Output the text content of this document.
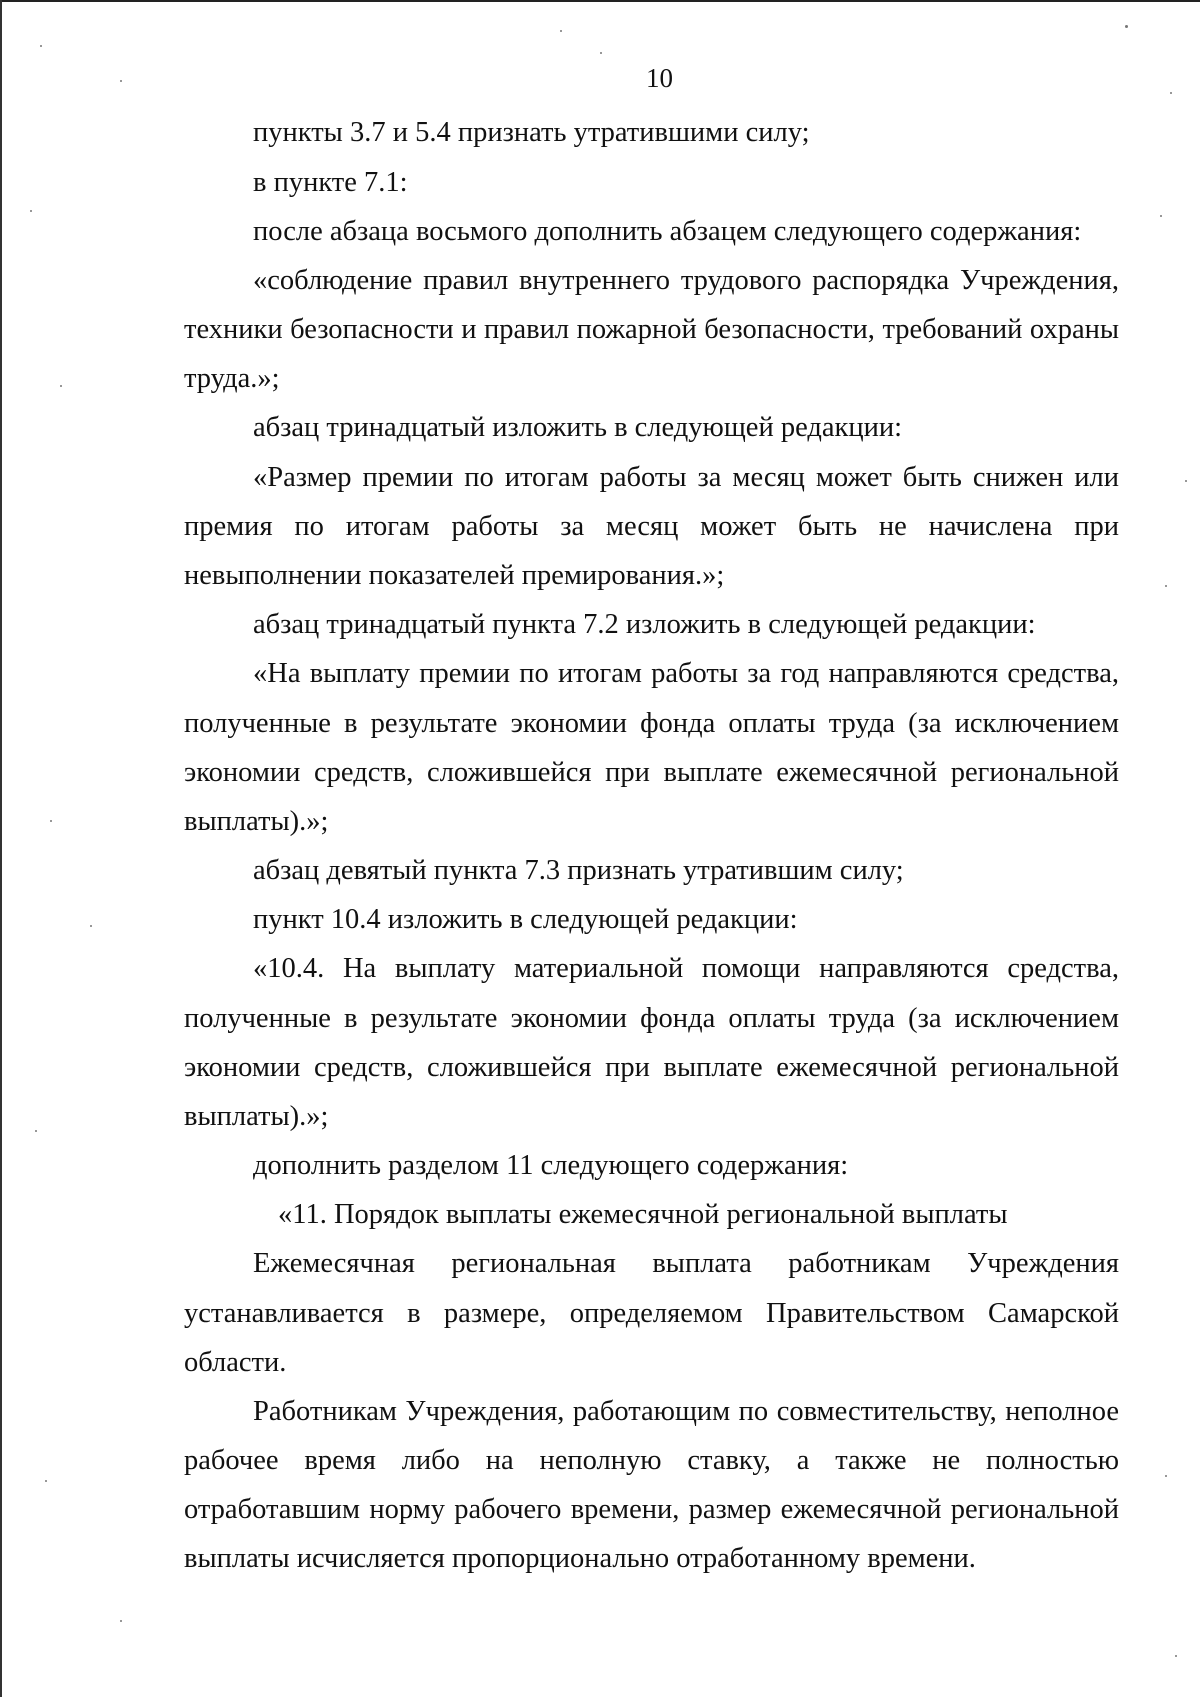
10
пункты 3.7 и 5.4 признать утратившими силу;
в пункте 7.1:
после абзаца восьмого дополнить абзацем следующего содержания:
«соблюдение правил внутреннего трудового распорядка Учреждения,
техники безопасности и правил пожарной безопасности, требований охраны
труда.»;
абзац тринадцатый изложить в следующей редакции:
«Размер премии по итогам работы за месяц может быть снижен или
премия по итогам работы за месяц может быть не начислена при
невыполнении показателей премирования.»;
абзац тринадцатый пункта 7.2 изложить в следующей редакции:
«На выплату премии по итогам работы за год направляются средства,
полученные в результате экономии фонда оплаты труда (за исключением
экономии средств, сложившейся при выплате ежемесячной региональной
выплаты).»;
абзац девятый пункта 7.3 признать утратившим силу;
пункт 10.4 изложить в следующей редакции:
«10.4. На выплату материальной помощи направляются средства,
полученные в результате экономии фонда оплаты труда (за исключением
экономии средств, сложившейся при выплате ежемесячной региональной
выплаты).»;
дополнить разделом 11 следующего содержания:
«11. Порядок выплаты ежемесячной региональной выплаты
Ежемесячная региональная выплата работникам Учреждения
устанавливается в размере, определяемом Правительством Самарской
области.
Работникам Учреждения, работающим по совместительству, неполное
рабочее время либо на неполную ставку, а также не полностью
отработавшим норму рабочего времени, размер ежемесячной региональной
выплаты исчисляется пропорционально отработанному времени.
